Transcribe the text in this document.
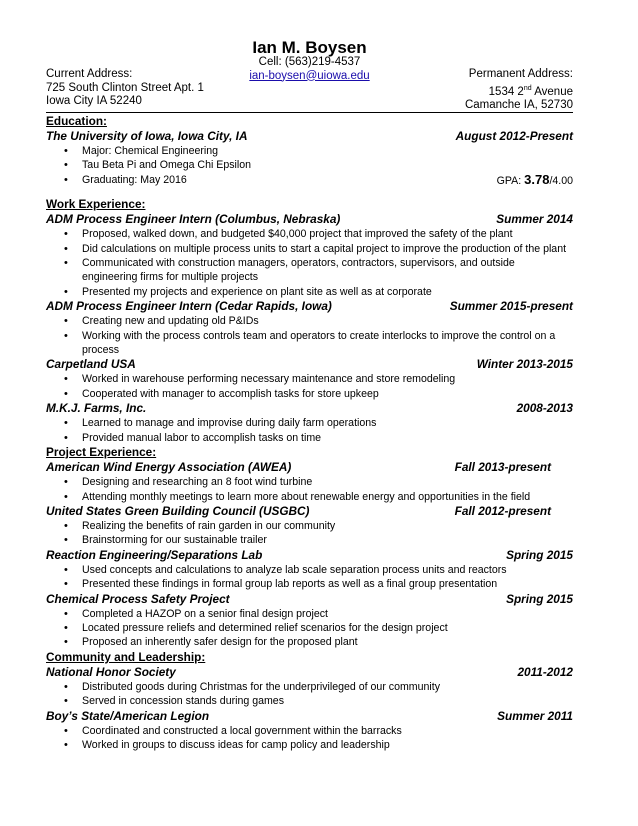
Ian M. Boysen
Cell: (563)219-4537
ian-boysen@uiowa.edu
Current Address:
725 South Clinton Street Apt. 1
Iowa City IA 52240
Permanent Address:
1534 2nd Avenue
Camanche IA, 52730
Education:
The University of Iowa, Iowa City, IA	August 2012-Present
• Major: Chemical Engineering
• Tau Beta Pi and Omega Chi Epsilon
• Graduating: May 2016	GPA: 3.78/4.00
Work Experience:
ADM Process Engineer Intern (Columbus, Nebraska)	Summer 2014
• Proposed, walked down, and budgeted $40,000 project that improved the safety of the plant
• Did calculations on multiple process units to start a capital project to improve the production of the plant
• Communicated with construction managers, operators, contractors, supervisors, and outside engineering firms for multiple projects
• Presented my projects and experience on plant site as well as at corporate
ADM Process Engineer Intern (Cedar Rapids, Iowa)	Summer 2015-present
• Creating new and updating old P&IDs
• Working with the process controls team and operators to create interlocks to improve the control on a process
Carpetland USA	Winter 2013-2015
• Worked in warehouse performing necessary maintenance and store remodeling
• Cooperated with manager to accomplish tasks for store upkeep
M.K.J. Farms, Inc.	2008-2013
• Learned to manage and improvise during daily farm operations
• Provided manual labor to accomplish tasks on time
Project Experience:
American Wind Energy Association (AWEA)	Fall 2013-present
• Designing and researching an 8 foot wind turbine
• Attending monthly meetings to learn more about renewable energy and opportunities in the field
United States Green Building Council (USGBC)	Fall 2012-present
• Realizing the benefits of rain garden in our community
• Brainstorming for our sustainable trailer
Reaction Engineering/Separations Lab	Spring 2015
• Used concepts and calculations to analyze lab scale separation process units and reactors
• Presented these findings in formal group lab reports as well as a final group presentation
Chemical Process Safety Project	Spring 2015
• Completed a HAZOP on a senior final design project
• Located pressure reliefs and determined relief scenarios for the design project
• Proposed an inherently safer design for the proposed plant
Community and Leadership:
National Honor Society	2011-2012
• Distributed goods during Christmas for the underprivileged of our community
• Served in concession stands during games
Boy’s State/American Legion	Summer 2011
• Coordinated and constructed a local government within the barracks
• Worked in groups to discuss ideas for camp policy and leadership
